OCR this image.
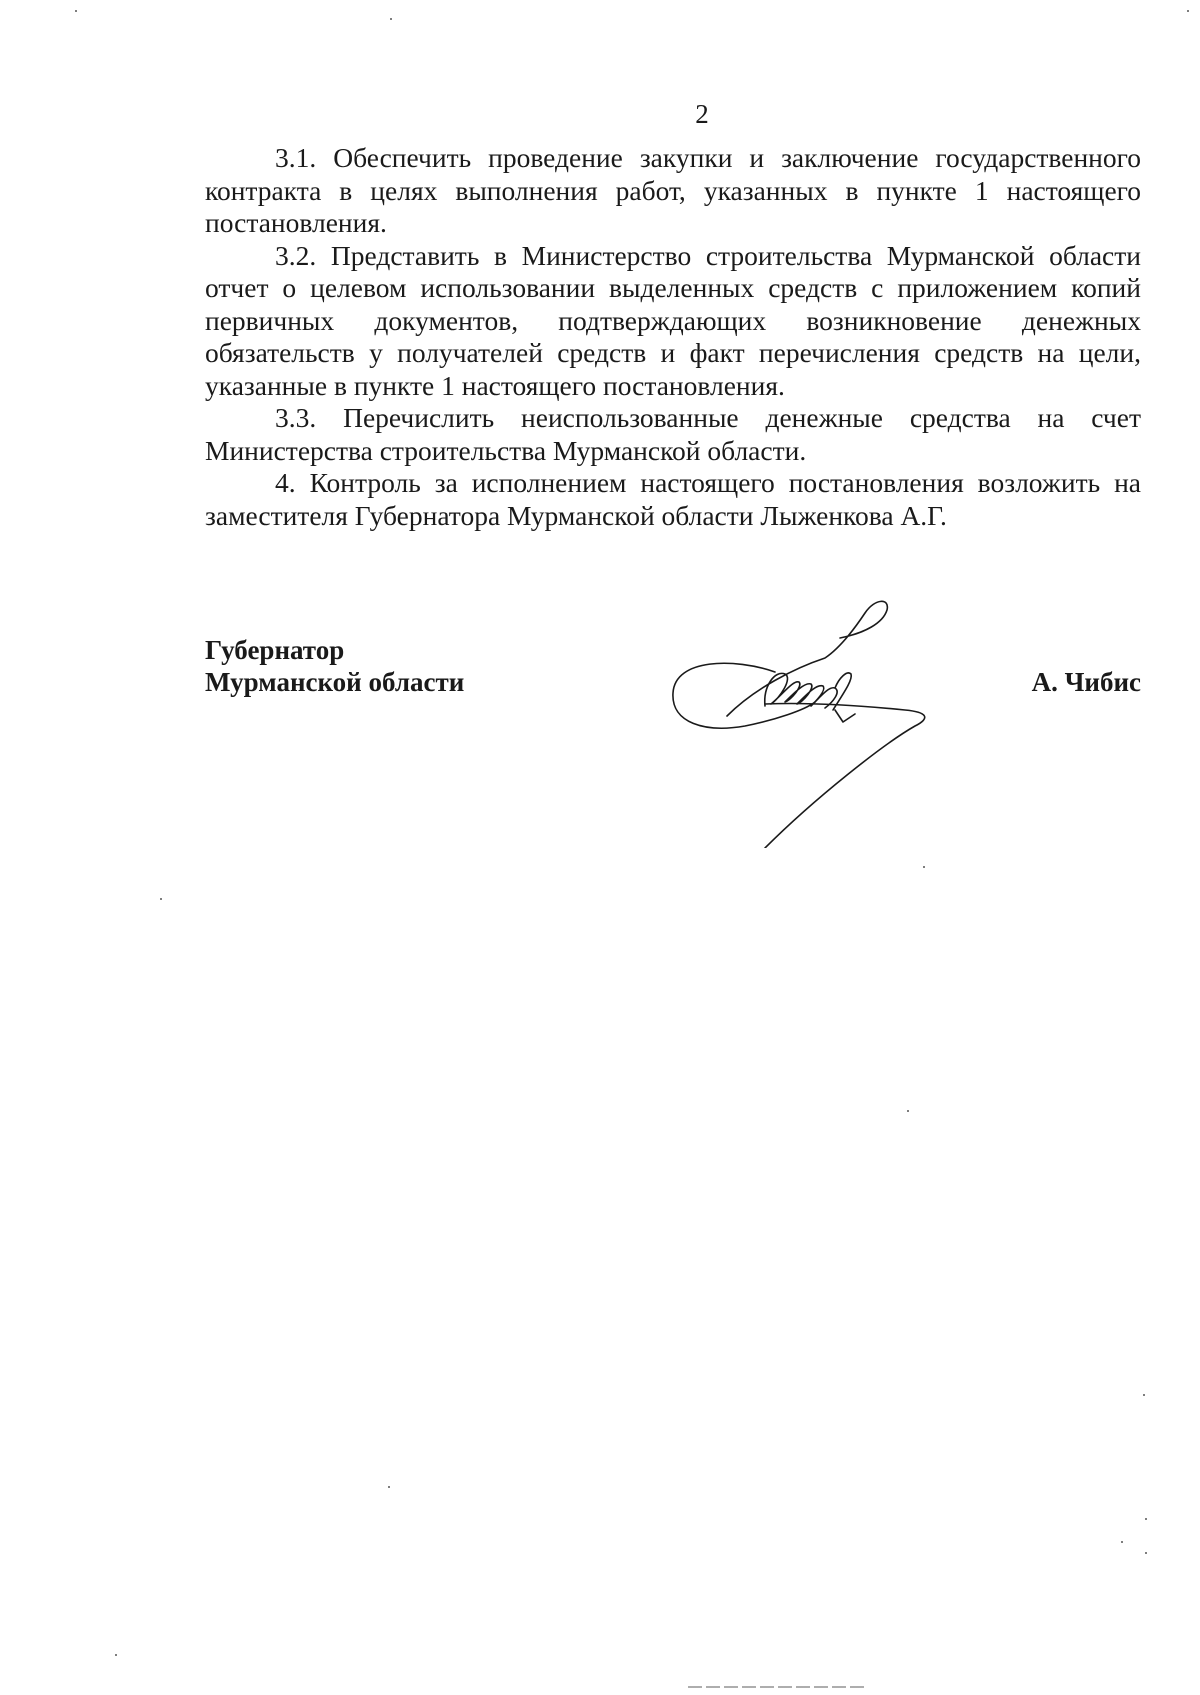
2

3.1. Обеспечить проведение закупки и заключение государственного контракта в целях выполнения работ, указанных в пункте 1 настоящего постановления.

3.2. Представить в Министерство строительства Мурманской области отчет о целевом использовании выделенных средств с приложением копий первичных документов, подтверждающих возникновение денежных обязательств у получателей средств и факт перечисления средств на цели, указанные в пункте 1 настоящего постановления.

3.3. Перечислить неиспользованные денежные средства на счет Министерства строительства Мурманской области.

4. Контроль за исполнением настоящего постановления возложить на заместителя Губернатора Мурманской области Лыженкова А.Г.

Губернатор
Мурманской области	А. Чибис
